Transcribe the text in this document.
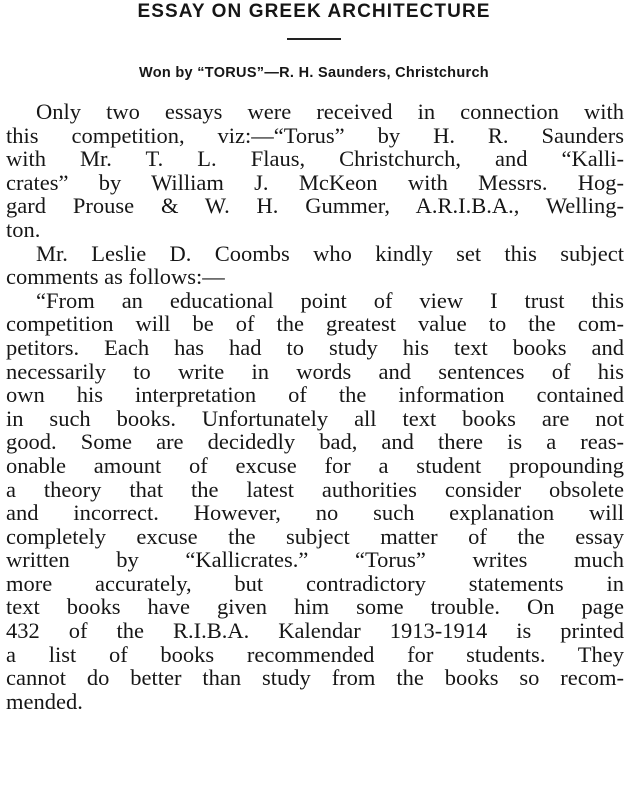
ESSAY ON GREEK ARCHITECTURE
Won by “TORUS”—R. H. Saunders, Christchurch
Only two essays were received in connection with
this competition, viz:—“Torus” by H. R. Saunders
with Mr. T. L. Flaus, Christchurch, and “Kalli-
crates” by William J. McKeon with Messrs. Hog-
gard Prouse & W. H. Gummer, A.R.I.B.A., Welling-
ton.
Mr. Leslie D. Coombs who kindly set this subject
comments as follows:—
“From an educational point of view I trust this
competition will be of the greatest value to the com-
petitors. Each has had to study his text books and
necessarily to write in words and sentences of his
own his interpretation of the information contained
in such books. Unfortunately all text books are not
good. Some are decidedly bad, and there is a reas-
onable amount of excuse for a student propounding
a theory that the latest authorities consider obsolete
and incorrect. However, no such explanation will
completely excuse the subject matter of the essay
written by “Kallicrates.” “Torus” writes much
more accurately, but contradictory statements in
text books have given him some trouble. On page
432 of the R.I.B.A. Kalendar 1913-1914 is printed
a list of books recommended for students. They
cannot do better than study from the books so recom-
mended.
